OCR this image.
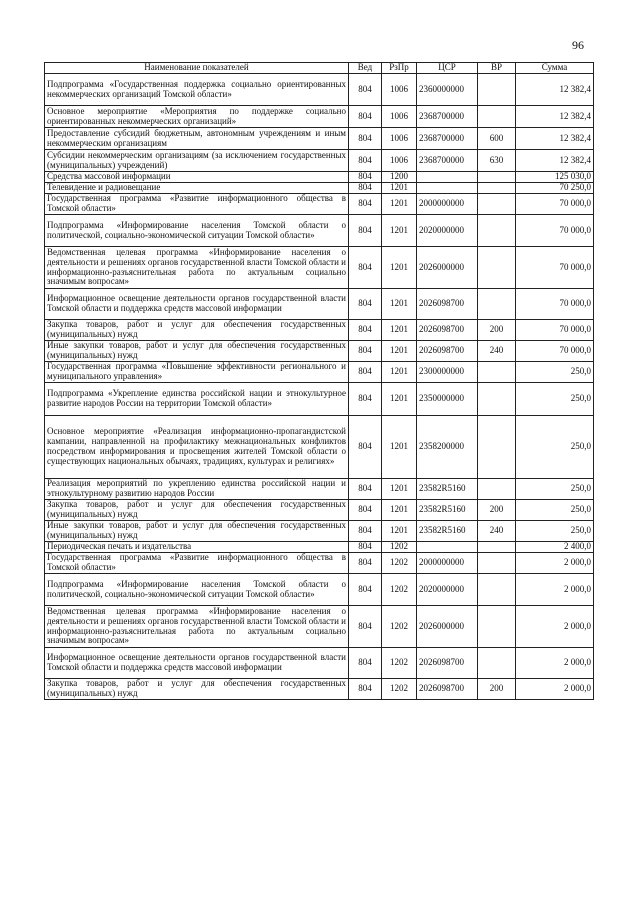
96
Наименование показателей	Вед	РзПр	ЦСР	ВР	Сумма
Подпрограмма «Государственная поддержка социально ориентированных некоммерческих организаций Томской области»	804	1006	2360000000		12 382,4
Основное мероприятие «Мероприятия по поддержке социально ориентированных некоммерческих организаций»	804	1006	2368700000		12 382,4
Предоставление субсидий бюджетным, автономным учреждениям и иным некоммерческим организациям	804	1006	2368700000	600	12 382,4
Субсидии некоммерческим организациям (за исключением государственных (муниципальных) учреждений)	804	1006	2368700000	630	12 382,4
Средства массовой информации	804	1200			125 030,0
Телевидение и радиовещание	804	1201			70 250,0
Государственная программа «Развитие информационного общества в Томской области»	804	1201	2000000000		70 000,0
Подпрограмма «Информирование населения Томской области о политической, социально-экономической ситуации Томской области»	804	1201	2020000000		70 000,0
Ведомственная целевая программа «Информирование населения о деятельности и решениях органов государственной власти Томской области и информационно-разъяснительная работа по актуальным социально значимым вопросам»	804	1201	2026000000		70 000,0
Информационное освещение деятельности органов государственной власти Томской области и поддержка средств массовой информации	804	1201	2026098700		70 000,0
Закупка товаров, работ и услуг для обеспечения государственных (муниципальных) нужд	804	1201	2026098700	200	70 000,0
Иные закупки товаров, работ и услуг для обеспечения государственных (муниципальных) нужд	804	1201	2026098700	240	70 000,0
Государственная программа «Повышение эффективности регионального и муниципального управления»	804	1201	2300000000		250,0
Подпрограмма «Укрепление единства российской нации и этнокультурное развитие народов России на территории Томской области»	804	1201	2350000000		250,0
Основное мероприятие «Реализация информационно-пропагандистской кампании, направленной на профилактику межнациональных конфликтов посредством информирования и просвещения жителей Томской области о существующих национальных обычаях, традициях, культурах и религиях»	804	1201	2358200000		250,0
Реализация мероприятий по укреплению единства российской нации и этнокультурному развитию народов России	804	1201	23582R5160		250,0
Закупка товаров, работ и услуг для обеспечения государственных (муниципальных) нужд	804	1201	23582R5160	200	250,0
Иные закупки товаров, работ и услуг для обеспечения государственных (муниципальных) нужд	804	1201	23582R5160	240	250,0
Периодическая печать и издательства	804	1202			2 400,0
Государственная программа «Развитие информационного общества в Томской области»	804	1202	2000000000		2 000,0
Подпрограмма «Информирование населения Томской области о политической, социально-экономической ситуации Томской области»	804	1202	2020000000		2 000,0
Ведомственная целевая программа «Информирование населения о деятельности и решениях органов государственной власти Томской области и информационно-разъяснительная работа по актуальным социально значимым вопросам»	804	1202	2026000000		2 000,0
Информационное освещение деятельности органов государственной власти Томской области и поддержка средств массовой информации	804	1202	2026098700		2 000,0
Закупка товаров, работ и услуг для обеспечения государственных (муниципальных) нужд	804	1202	2026098700	200	2 000,0
